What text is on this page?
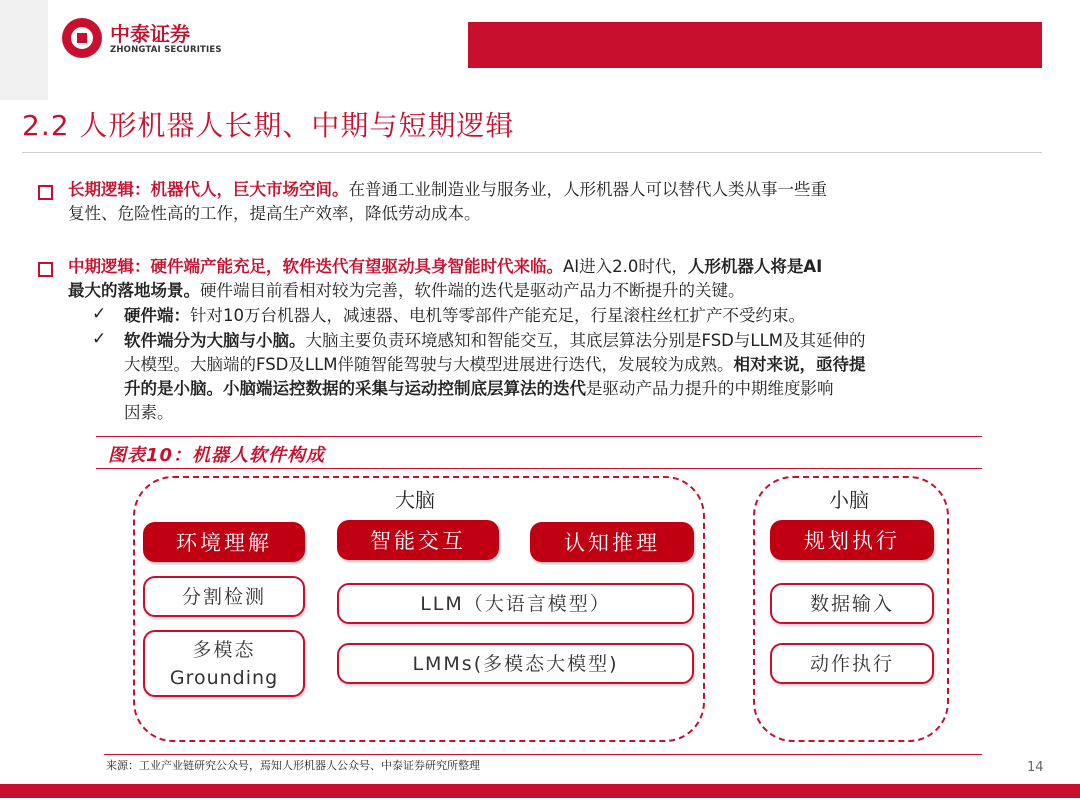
中泰证券
ZHONGTAI SECURITIES
2.2 人形机器人长期、中期与短期逻辑
长期逻辑：机器代人，巨大市场空间。在普通工业制造业与服务业，人形机器人可以替代人类从事一些重
复性、危险性高的工作，提高生产效率，降低劳动成本。
中期逻辑：硬件端产能充足，软件迭代有望驱动具身智能时代来临。AI进入2.0时代，人形机器人将是AI
最大的落地场景。硬件端目前看相对较为完善，软件端的迭代是驱动产品力不断提升的关键。
✓ 硬件端：针对10万台机器人，减速器、电机等零部件产能充足，行星滚柱丝杠扩产不受约束。
✓ 软件端分为大脑与小脑。大脑主要负责环境感知和智能交互，其底层算法分别是FSD与LLM及其延伸的
大模型。大脑端的FSD及LLM伴随智能驾驶与大模型进展进行迭代，发展较为成熟。相对来说，亟待提
升的是小脑。小脑端运控数据的采集与运动控制底层算法的迭代是驱动产品力提升的中期维度影响
因素。
图表10：机器人软件构成
大脑
环境理解	智能交互	认知推理
分割检测	LLM（大语言模型）
多模态
Grounding
LMMs(多模态大模型)
小脑
规划执行
数据输入
动作执行
来源：工业产业链研究公众号，焉知人形机器人公众号、中泰证券研究所整理	14
